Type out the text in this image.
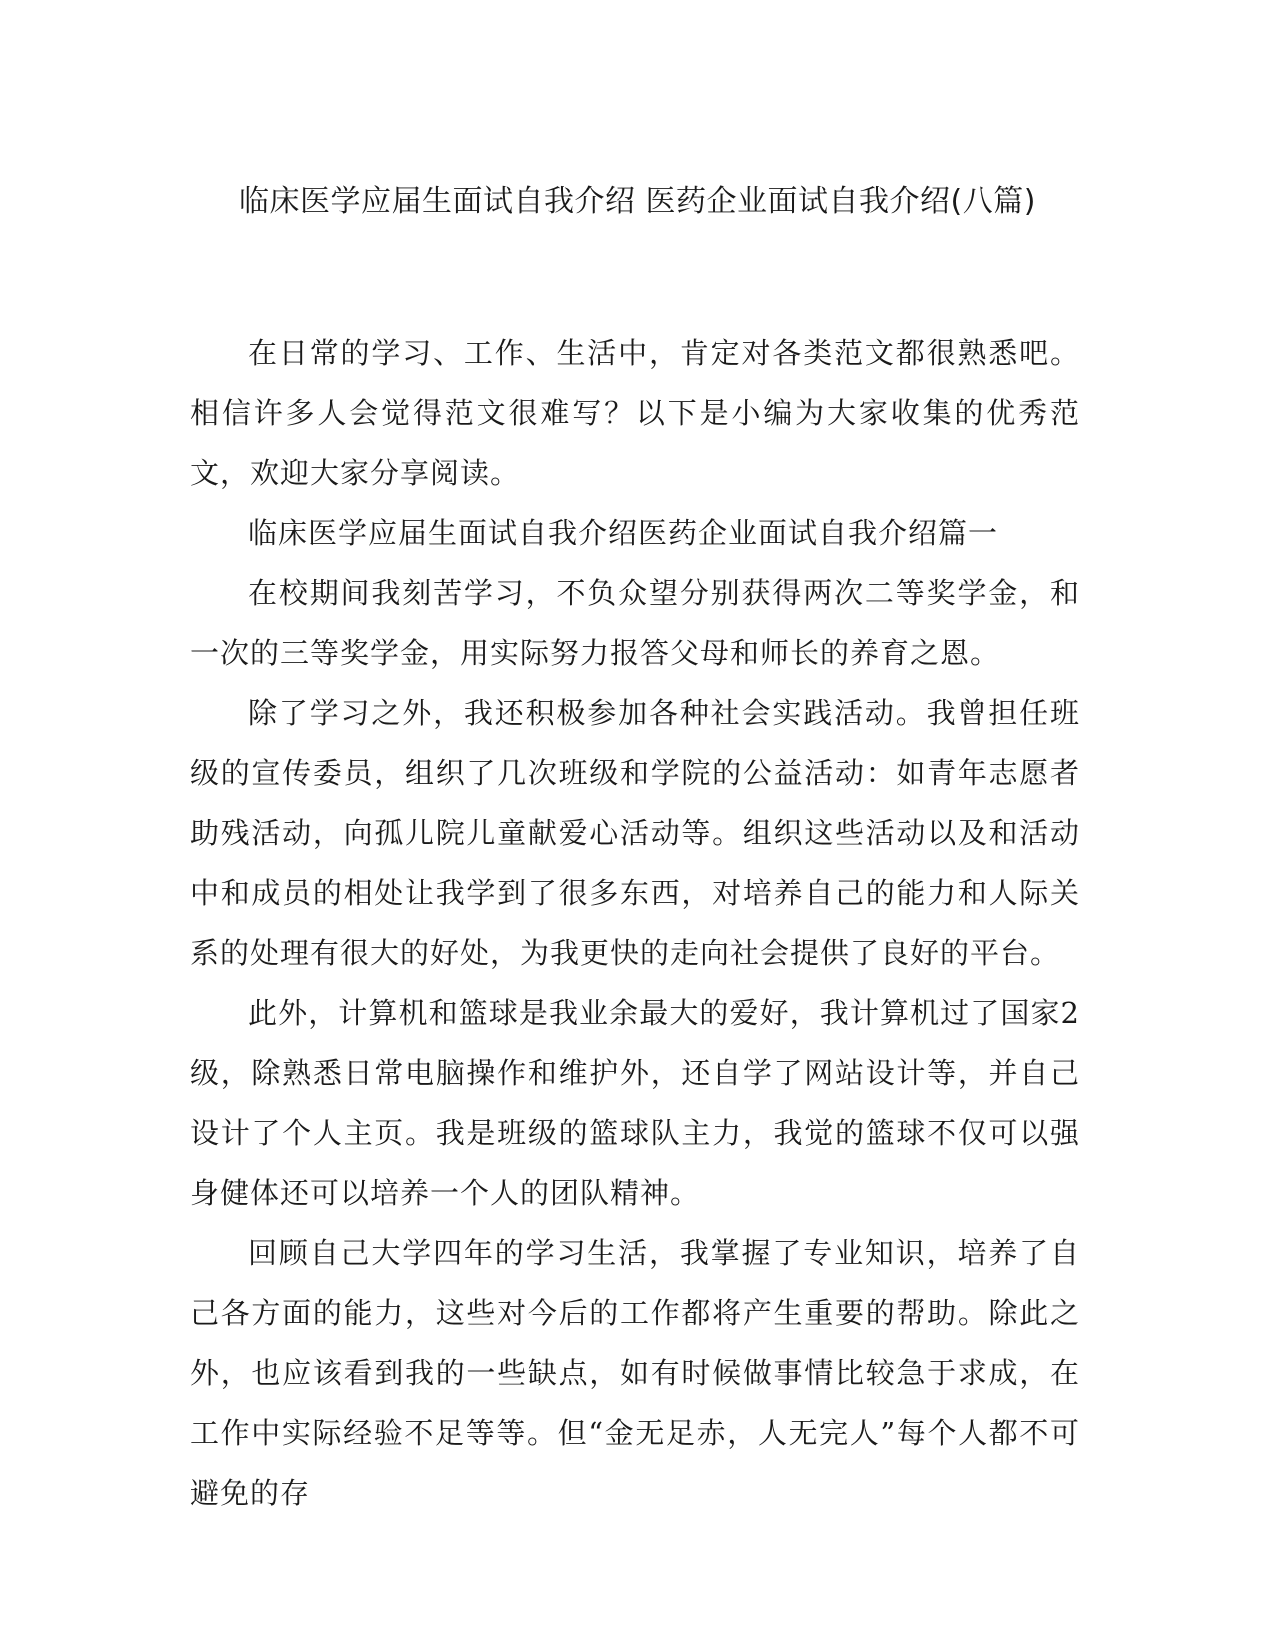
临床医学应届生面试自我介绍 医药企业面试自我介绍(八篇)

在日常的学习、工作、生活中，肯定对各类范文都很熟悉吧。相信许多人会觉得范文很难写？以下是小编为大家收集的优秀范文，欢迎大家分享阅读。

临床医学应届生面试自我介绍医药企业面试自我介绍篇一

在校期间我刻苦学习，不负众望分别获得两次二等奖学金，和一次的三等奖学金，用实际努力报答父母和师长的养育之恩。

除了学习之外，我还积极参加各种社会实践活动。我曾担任班级的宣传委员，组织了几次班级和学院的公益活动：如青年志愿者助残活动，向孤儿院儿童献爱心活动等。组织这些活动以及和活动中和成员的相处让我学到了很多东西，对培养自己的能力和人际关系的处理有很大的好处，为我更快的走向社会提供了良好的平台。

此外，计算机和篮球是我业余最大的爱好，我计算机过了国家2级，除熟悉日常电脑操作和维护外，还自学了网站设计等，并自己设计了个人主页。我是班级的篮球队主力，我觉的篮球不仅可以强身健体还可以培养一个人的团队精神。

回顾自己大学四年的学习生活，我掌握了专业知识，培养了自己各方面的能力，这些对今后的工作都将产生重要的帮助。除此之外，也应该看到我的一些缺点，如有时候做事情比较急于求成，在工作中实际经验不足等等。但“金无足赤，人无完人”每个人都不可避免的存
